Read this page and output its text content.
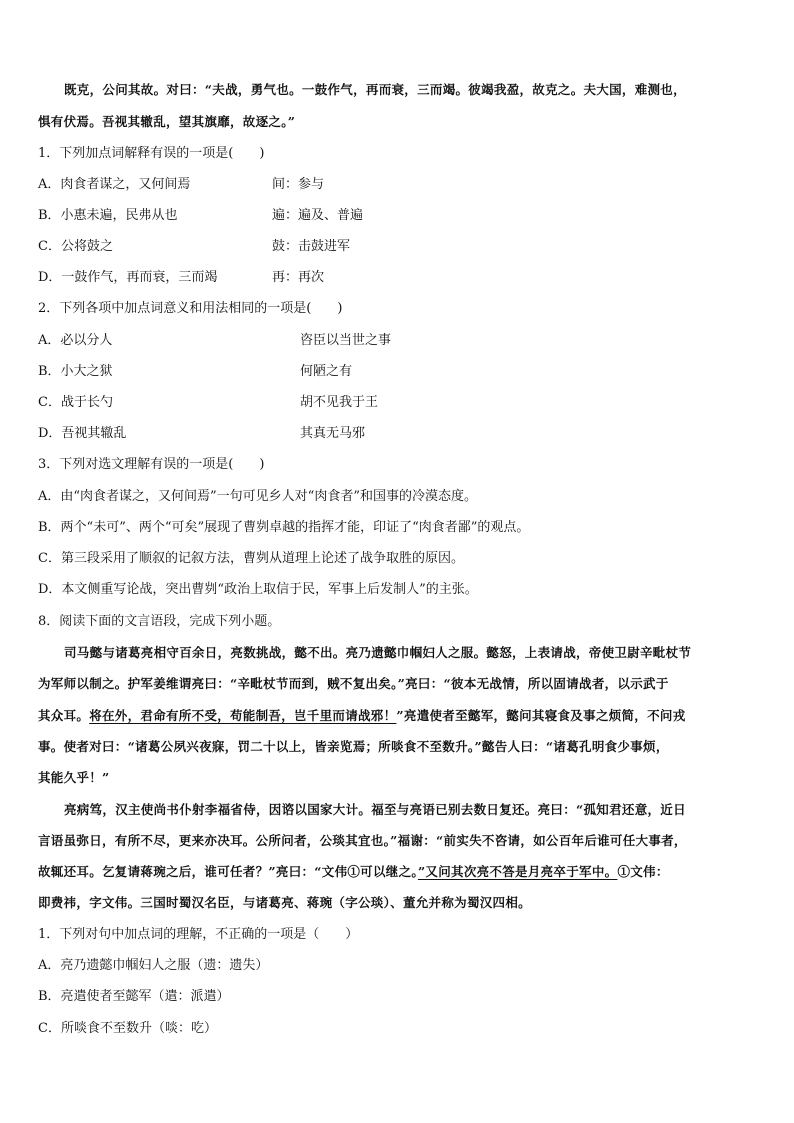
既克，公问其故。对曰：“夫战，勇气也。一鼓作气，再而衰，三而竭。彼竭我盈，故克之。夫大国，难测也，
惧有伏焉。吾视其辙乱，望其旗靡，故逐之。”
1．下列加点词解释有误的一项是(　　)
A．肉食者谋之，又何间焉	间：参与
B．小惠未遍，民弗从也	遍：遍及、普遍
C．公将鼓之	鼓：击鼓进军
D．一鼓作气，再而衰，三而竭	再：再次
2．下列各项中加点词意义和用法相同的一项是(　　)
A．必以分人	咨臣以当世之事
B．小大之狱	何陋之有
C．战于长勺	胡不见我于王
D．吾视其辙乱	其真无马邪
3．下列对选文理解有误的一项是(　　)
A．由“肉食者谋之，又何间焉”一句可见乡人对“肉食者”和国事的冷漠态度。
B．两个“未可”、两个“可矣”展现了曹刿卓越的指挥才能，印证了“肉食者鄙”的观点。
C．第三段采用了顺叙的记叙方法，曹刿从道理上论述了战争取胜的原因。
D．本文侧重写论战，突出曹刿“政治上取信于民，军事上后发制人”的主张。
8．阅读下面的文言语段，完成下列小题。
司马懿与诸葛亮相守百余日，亮数挑战，懿不出。亮乃遗懿巾帼妇人之服。懿怒，上表请战，帝使卫尉辛毗杖节
为军师以制之。护军姜维谓亮曰：“辛毗杖节而到，贼不复出矣。”亮曰：“彼本无战情，所以固请战者，以示武于
其众耳。将在外，君命有所不受，苟能制吾，岂千里而请战邪！”亮遣使者至懿军，懿问其寝食及事之烦简，不问戎
事。使者对曰：“诸葛公夙兴夜寐，罚二十以上，皆亲览焉；所啖食不至数升。”懿告人曰：“诸葛孔明食少事烦，
其能久乎！”
亮病笃，汉主使尚书仆射李福省侍，因谘以国家大计。福至与亮语已别去数日复还。亮曰：“孤知君还意，近日
言语虽弥日，有所不尽，更来亦决耳。公所问者，公琰其宜也。”福谢：“前实失不咨请，如公百年后谁可任大事者，
故辄还耳。乞复请蒋琬之后，谁可任者？”亮曰：“文伟①可以继之。”又问其次亮不答是月亮卒于军中。①文伟：
即费祎，字文伟。三国时蜀汉名臣，与诸葛亮、蒋琬（字公琰）、董允并称为蜀汉四相。
1．下列对句中加点词的理解，不正确的一项是（　　）
A．亮乃遗懿巾帼妇人之服（遗：遗失）
B．亮遣使者至懿军（遣：派遣）
C．所啖食不至数升（啖：吃）
